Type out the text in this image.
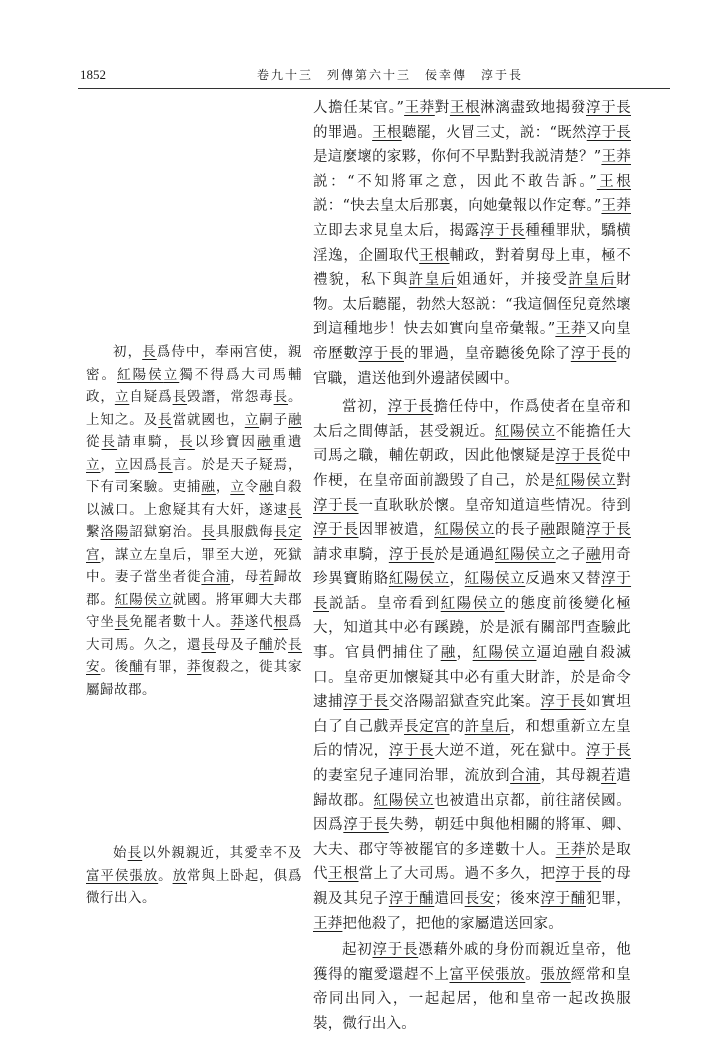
1852	卷九十三　列傳第六十三　佞幸傳　淳于長
初，長爲侍中，奉兩宫使，親密。紅陽侯立獨不得爲大司馬輔政，立自疑爲長毁譖，常怨毒長。上知之。及長當就國也，立嗣子融從長請車騎，長以珍寶因融重遺立，立因爲長言。於是天子疑焉，下有司案驗。吏捕融，立令融自殺以滅口。上愈疑其有大奸，遂逮長繫洛陽詔獄窮治。長具服戲侮長定宫，謀立左皇后，罪至大逆，死獄中。妻子當坐者徙合浦，母若歸故郡。紅陽侯立就國。將軍卿大夫郡守坐長免罷者數十人。莽遂代根爲大司馬。久之，還長母及子酺於長安。後酺有罪，莽復殺之，徙其家屬歸故郡。
始長以外親親近，其愛幸不及富平侯張放。放常與上卧起，俱爲微行出入。

人擔任某官。”王莽對王根淋漓盡致地揭發淳于長的罪過。王根聽罷，火冒三丈，説：“既然淳于長是這麼壞的家夥，你何不早點對我説清楚？”王莽説：“不知將軍之意，因此不敢告訴。”王根説：“快去皇太后那裏，向她彙報以作定奪。”王莽立即去求見皇太后，揭露淳于長種種罪狀，驕横淫逸，企圖取代王根輔政，對着舅母上車，極不禮貌，私下與許皇后姐通奸，并接受許皇后財物。太后聽罷，勃然大怒説：“我這個侄兒竟然壞到這種地步！快去如實向皇帝彙報。”王莽又向皇帝歷數淳于長的罪過，皇帝聽後免除了淳于長的官職，遣送他到外邊諸侯國中。

當初，淳于長擔任侍中，作爲使者在皇帝和太后之間傳話，甚受親近。紅陽侯立不能擔任大司馬之職，輔佐朝政，因此他懷疑是淳于長從中作梗，在皇帝面前譭毁了自己，於是紅陽侯立對淳于長一直耿耿於懷。皇帝知道這些情况。待到淳于長因罪被遣，紅陽侯立的長子融跟隨淳于長請求車騎，淳于長於是通過紅陽侯立之子融用奇珍異寶賄賂紅陽侯立，紅陽侯立反過來又替淳于長説話。皇帝看到紅陽侯立的態度前後變化極大，知道其中必有蹊蹺，於是派有關部門查驗此事。官員們捕住了融，紅陽侯立逼迫融自殺滅口。皇帝更加懷疑其中必有重大財詐，於是命令逮捕淳于長交洛陽詔獄查究此案。淳于長如實坦白了自己戲弄長定宫的許皇后，和想重新立左皇后的情况，淳于長大逆不道，死在獄中。淳于長的妻室兒子連同治罪，流放到合浦，其母親若遣歸故郡。紅陽侯立也被遣出京都，前往諸侯國。因爲淳于長失勢，朝廷中與他相關的將軍、卿、大夫、郡守等被罷官的多達數十人。王莽於是取代王根當上了大司馬。過不多久，把淳于長的母親及其兒子淳于酺遣回長安；後來淳于酺犯罪，王莽把他殺了，把他的家屬遣送回家。

起初淳于長憑藉外戚的身份而親近皇帝，他獲得的寵愛還趕不上富平侯張放。張放經常和皇帝同出同入，一起起居，他和皇帝一起改换服裝，微行出入。
